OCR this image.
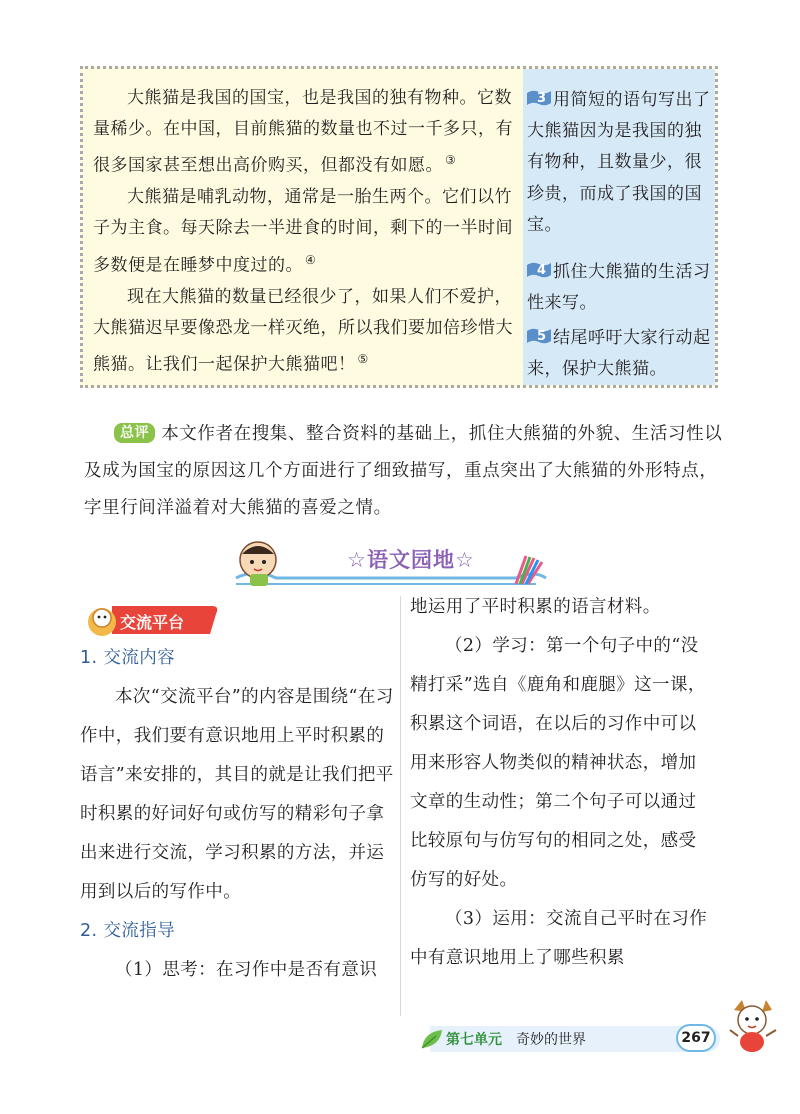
大熊猫是我国的国宝，也是我国的独有物种。它数量稀少。在中国，目前熊猫的数量也不过一千多只，有很多国家甚至想出高价购买，但都没有如愿。 ③

大熊猫是哺乳动物，通常是一胎生两个。它们以竹子为主食。每天除去一半进食的时间，剩下的一半时间多数便是在睡梦中度过的。 ④

现在大熊猫的数量已经很少了，如果人们不爱护，大熊猫迟早要像恐龙一样灭绝，所以我们要加倍珍惜大熊猫。让我们一起保护大熊猫吧！ ⑤

3 用简短的语句写出了大熊猫因为是我国的独有物种，且数量少，很珍贵，而成了我国的国宝。
4 抓住大熊猫的生活习性来写。
5 结尾呼吁大家行动起来，保护大熊猫。
总评 本文作者在搜集、整合资料的基础上，抓住大熊猫的外貌、生活习性以及成为国宝的原因这几个方面进行了细致描写，重点突出了大熊猫的外形特点，字里行间洋溢着对大熊猫的喜爱之情。
☆语文园地☆
交流平台

1. 交流内容

本次“交流平台”的内容是围绕“在习作中，我们要有意识地用上平时积累的语言”来安排的，其目的就是让我们把平时积累的好词好句或仿写的精彩句子拿出来进行交流，学习积累的方法，并运用到以后的写作中。

2. 交流指导

（1）思考：在习作中是否有意识

地运用了平时积累的语言材料。

（2）学习：第一个句子中的“没精打采”选自《鹿角和鹿腿》这一课，积累这个词语，在以后的习作中可以用来形容人物类似的精神状态，增加文章的生动性；第二个句子可以通过比较原句与仿写句的相同之处，感受仿写的好处。

（3）运用：交流自己平时在习作中有意识地用上了哪些积累

第七单元 奇妙的世界	267
